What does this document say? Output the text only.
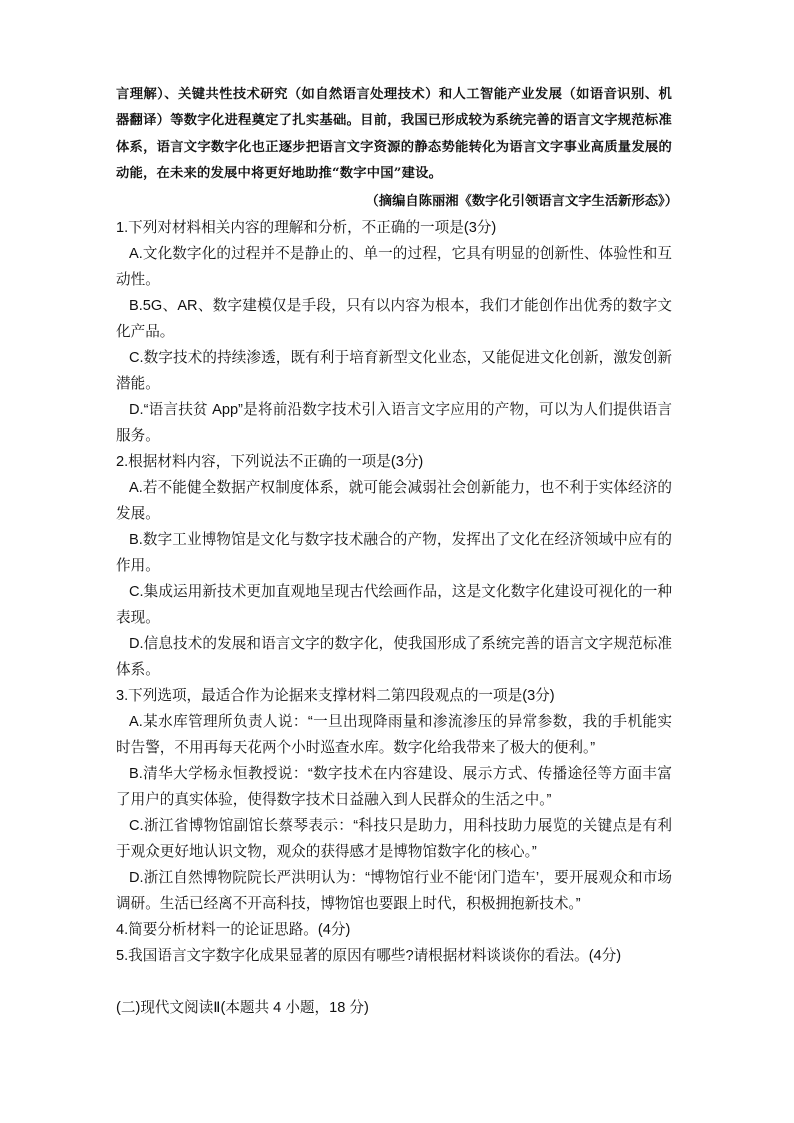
言理解）、关键共性技术研究（如自然语言处理技术）和人工智能产业发展（如语音识别、机器翻译）等数字化进程奠定了扎实基础。目前，我国已形成较为系统完善的语言文字规范标准体系，语言文字数字化也正逐步把语言文字资源的静态势能转化为语言文字事业高质量发展的动能，在未来的发展中将更好地助推“数字中国”建设。
（摘编自陈丽湘《数字化引领语言文字生活新形态》）

1.下列对材料相关内容的理解和分析，不正确的一项是(3分)

A.文化数字化的过程并不是静止的、单一的过程，它具有明显的创新性、体验性和互动性。

B.5G、AR、数字建模仅是手段，只有以内容为根本，我们才能创作出优秀的数字文化产品。

C.数字技术的持续渗透，既有利于培育新型文化业态，又能促进文化创新，激发创新潜能。

D.“语言扶贫 App”是将前沿数字技术引入语言文字应用的产物，可以为人们提供语言服务。

2.根据材料内容，下列说法不正确的一项是(3分)

A.若不能健全数据产权制度体系，就可能会减弱社会创新能力，也不利于实体经济的发展。

B.数字工业博物馆是文化与数字技术融合的产物，发挥出了文化在经济领域中应有的作用。

C.集成运用新技术更加直观地呈现古代绘画作品，这是文化数字化建设可视化的一种表现。

D.信息技术的发展和语言文字的数字化，使我国形成了系统完善的语言文字规范标准体系。

3.下列选项，最适合作为论据来支撑材料二第四段观点的一项是(3分)

A.某水库管理所负责人说：“一旦出现降雨量和渗流渗压的异常参数，我的手机能实时告警，不用再每天花两个小时巡查水库。数字化给我带来了极大的便利。”

B.清华大学杨永恒教授说：“数字技术在内容建设、展示方式、传播途径等方面丰富了用户的真实体验，使得数字技术日益融入到人民群众的生活之中。”

C.浙江省博物馆副馆长蔡琴表示：“科技只是助力，用科技助力展览的关键点是有利于观众更好地认识文物，观众的获得感才是博物馆数字化的核心。”

D.浙江自然博物院院长严洪明认为：“博物馆行业不能‘闭门造车’，要开展观众和市场调研。生活已经离不开高科技，博物馆也要跟上时代，积极拥抱新技术。”

4.简要分析材料一的论证思路。(4分)

5.我国语言文字数字化成果显著的原因有哪些?请根据材料谈谈你的看法。(4分)

(二)现代文阅读Ⅱ(本题共 4 小题，18 分)
